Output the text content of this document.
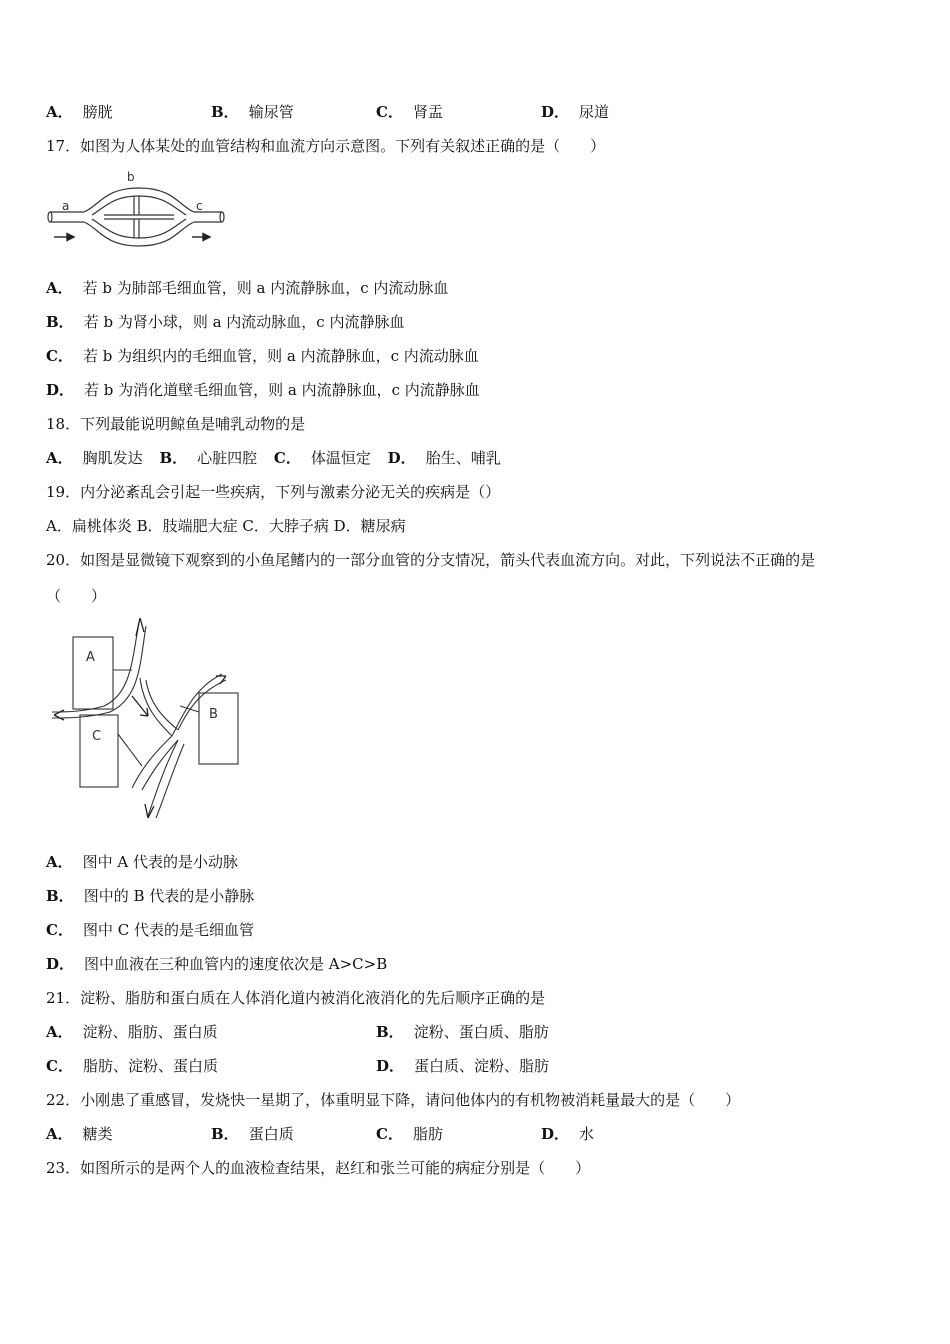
A． 膀胱	B． 输尿管	C． 肾盂	D． 尿道
17．如图为人体某处的血管结构和血流方向示意图。下列有关叙述正确的是（　　）
a
b
c
A． 若 b 为肺部毛细血管，则 a 内流静脉血，c 内流动脉血
B． 若 b 为肾小球，则 a 内流动脉血，c 内流静脉血
C． 若 b 为组织内的毛细血管，则 a 内流静脉血，c 内流动脉血
D． 若 b 为消化道壁毛细血管，则 a 内流静脉血，c 内流静脉血
18．下列最能说明鲸鱼是哺乳动物的是
A． 胸肌发达 B． 心脏四腔 C． 体温恒定 D． 胎生、哺乳
19．内分泌紊乱会引起一些疾病，下列与激素分泌无关的疾病是（）
A．扁桃体炎 B．肢端肥大症 C．大脖子病 D．糖尿病
20．如图是显微镜下观察到的小鱼尾鳍内的一部分血管的分支情况，箭头代表血流方向。对此，下列说法不正确的是
（　　）
A
B
C
A． 图中 A 代表的是小动脉
B． 图中的 B 代表的是小静脉
C． 图中 C 代表的是毛细血管
D． 图中血液在三种血管内的速度依次是 A>C>B
21．淀粉、脂肪和蛋白质在人体消化道内被消化液消化的先后顺序正确的是
A． 淀粉、脂肪、蛋白质	B． 淀粉、蛋白质、脂肪
C． 脂肪、淀粉、蛋白质	D． 蛋白质、淀粉、脂肪
22．小刚患了重感冒，发烧快一星期了，体重明显下降，请问他体内的有机物被消耗量最大的是（　　）
A． 糖类	B． 蛋白质	C． 脂肪	D． 水
23．如图所示的是两个人的血液检查结果，赵红和张兰可能的病症分别是（　　）
